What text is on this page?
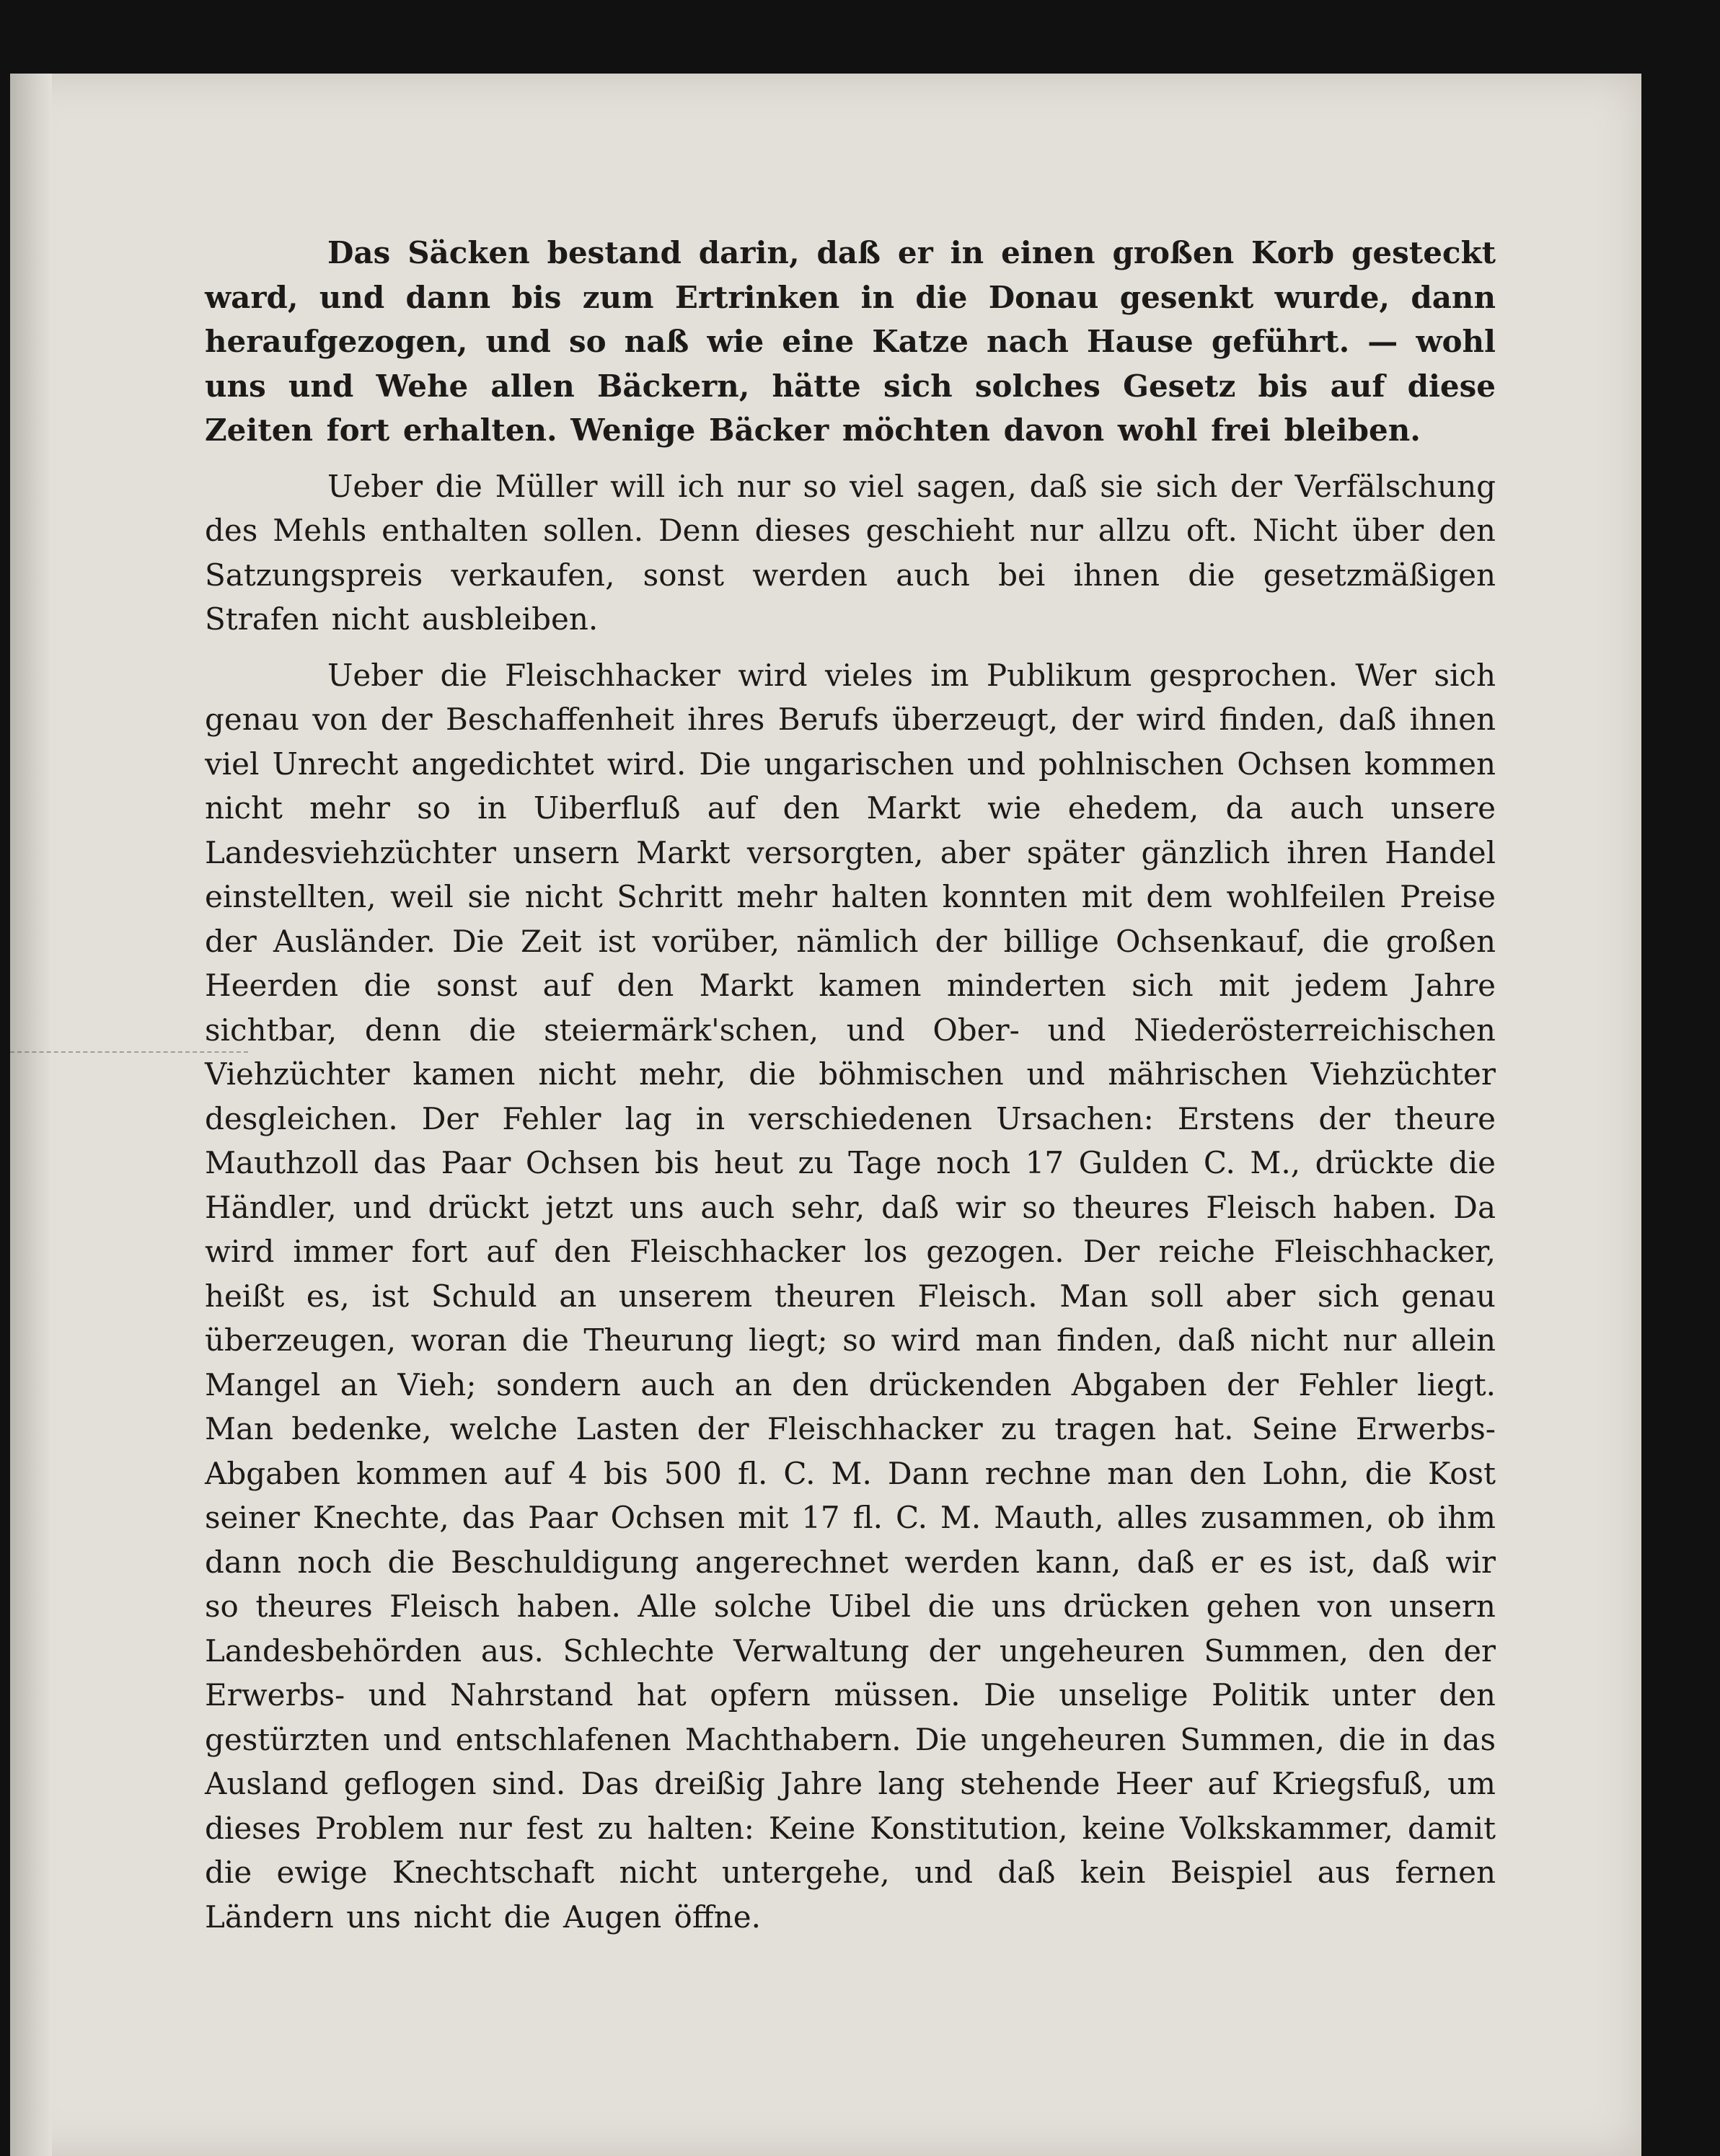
Das Säcken bestand darin, daß er in einen großen Korb gesteckt ward, und dann bis zum Ertrinken in die Donau gesenkt wurde, dann heraufgezogen, und so naß wie eine Katze nach Hause geführt. — wohl uns und Wehe allen Bäckern, hätte sich solches Gesetz bis auf diese Zeiten fort erhalten. Wenige Bäcker möchten davon wohl frei bleiben.

Ueber die Müller will ich nur so viel sagen, daß sie sich der Verfälschung des Mehls enthalten sollen. Denn dieses geschieht nur allzu oft. Nicht über den Satzungspreis verkaufen, sonst werden auch bei ihnen die gesetzmäßigen Strafen nicht ausbleiben.

Ueber die Fleischhacker wird vieles im Publikum gesprochen. Wer sich genau von der Beschaffenheit ihres Berufs überzeugt, der wird finden, daß ihnen viel Unrecht angedichtet wird. Die ungarischen und pohlnischen Ochsen kommen nicht mehr so in Uiberfluß auf den Markt wie ehedem, da auch unsere Landesviehzüchter unsern Markt versorgten, aber später gänzlich ihren Handel einstellten, weil sie nicht Schritt mehr halten konnten mit dem wohlfeilen Preise der Ausländer. Die Zeit ist vorüber, nämlich der billige Ochsenkauf, die großen Heerden die sonst auf den Markt kamen minderten sich mit jedem Jahre sichtbar, denn die steiermärk'schen, und Ober- und Niederösterreichischen Viehzüchter kamen nicht mehr, die böhmischen und mährischen Viehzüchter desgleichen. Der Fehler lag in verschiedenen Ursachen: Erstens der theure Mauthzoll das Paar Ochsen bis heut zu Tage noch 17 Gulden C. M., drückte die Händler, und drückt jetzt uns auch sehr, daß wir so theures Fleisch haben. Da wird immer fort auf den Fleischhacker los gezogen. Der reiche Fleischhacker, heißt es, ist Schuld an unserem theuren Fleisch. Man soll aber sich genau überzeugen, woran die Theurung liegt; so wird man finden, daß nicht nur allein Mangel an Vieh; sondern auch an den drückenden Abgaben der Fehler liegt. Man bedenke, welche Lasten der Fleischhacker zu tragen hat. Seine Erwerbs-Abgaben kommen auf 4 bis 500 fl. C. M. Dann rechne man den Lohn, die Kost seiner Knechte, das Paar Ochsen mit 17 fl. C. M. Mauth, alles zusammen, ob ihm dann noch die Beschuldigung angerechnet werden kann, daß er es ist, daß wir so theures Fleisch haben. Alle solche Uibel die uns drücken gehen von unsern Landesbehörden aus. Schlechte Verwaltung der ungeheuren Summen, den der Erwerbs- und Nahrstand hat opfern müssen. Die unselige Politik unter den gestürzten und entschlafenen Machthabern. Die ungeheuren Summen, die in das Ausland geflogen sind. Das dreißig Jahre lang stehende Heer auf Kriegsfuß, um dieses Problem nur fest zu halten: Keine Konstitution, keine Volkskammer, damit die ewige Knechtschaft nicht untergehe, und daß kein Beispiel aus fernen Ländern uns nicht die Augen öffne.
